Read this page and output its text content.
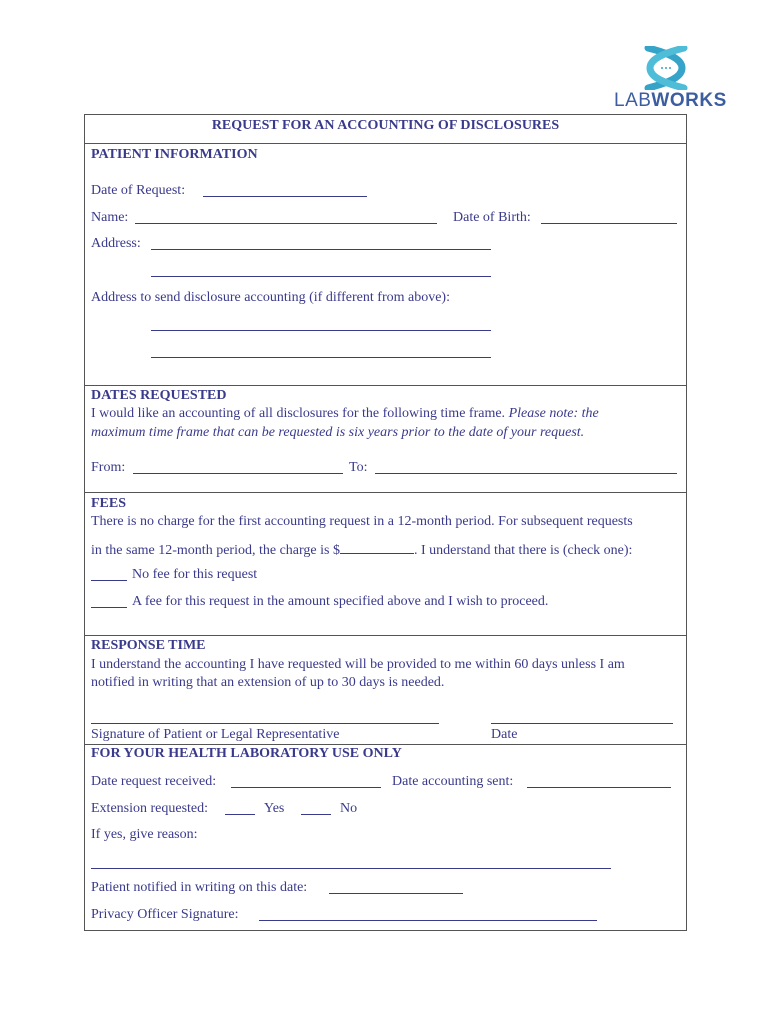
LABWORKS
REQUEST FOR AN ACCOUNTING OF DISCLOSURES
PATIENT INFORMATION
Date of Request:
Name:	Date of Birth:
Address:
Address to send disclosure accounting (if different from above):
DATES REQUESTED
I would like an accounting of all disclosures for the following time frame. Please note: the
maximum time frame that can be requested is six years prior to the date of your request.
From:	To:
FEES
There is no charge for the first accounting request in a 12-month period. For subsequent requests
in the same 12-month period, the charge is $	. I understand that there is (check one):
No fee for this request
A fee for this request in the amount specified above and I wish to proceed.
RESPONSE TIME
I understand the accounting I have requested will be provided to me within 60 days unless I am
notified in writing that an extension of up to 30 days is needed.
Signature of Patient or Legal Representative	Date
FOR YOUR HEALTH LABORATORY USE ONLY
Date request received:	Date accounting sent:
Extension requested:	Yes	No
If yes, give reason:
Patient notified in writing on this date:
Privacy Officer Signature:
